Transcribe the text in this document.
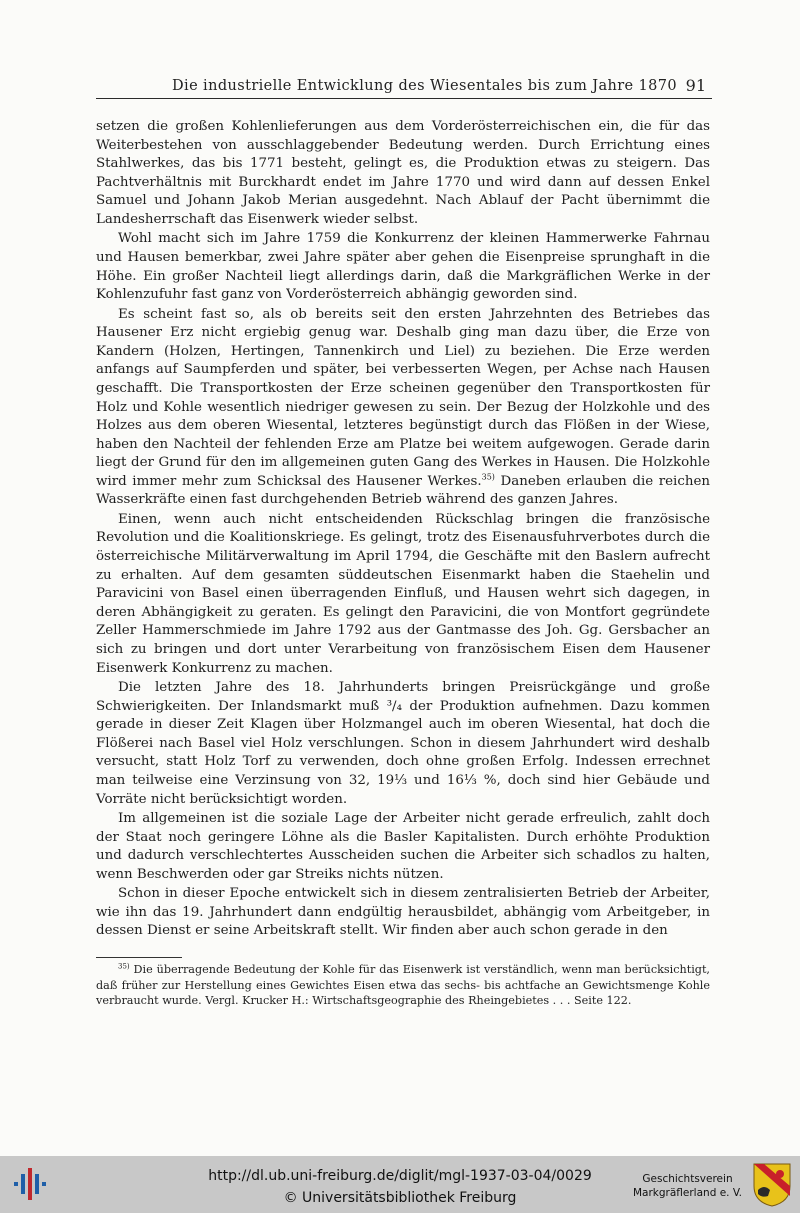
Die industrielle Entwicklung des Wiesentales bis zum Jahre 1870 91

setzen die großen Kohlenlieferungen aus dem Vorderösterreichischen ein, die für das Weiterbestehen von ausschlaggebender Bedeutung werden. Durch Errichtung eines Stahlwerkes, das bis 1771 besteht, gelingt es, die Produktion etwas zu steigern. Das Pachtverhältnis mit Burckhardt endet im Jahre 1770 und wird dann auf dessen Enkel Samuel und Johann Jakob Merian ausgedehnt. Nach Ablauf der Pacht übernimmt die Landesherrschaft das Eisenwerk wieder selbst.

Wohl macht sich im Jahre 1759 die Konkurrenz der kleinen Hammerwerke Fahrnau und Hausen bemerkbar, zwei Jahre später aber gehen die Eisenpreise sprunghaft in die Höhe. Ein großer Nachteil liegt allerdings darin, daß die Markgräflichen Werke in der Kohlenzufuhr fast ganz von Vorderösterreich abhängig geworden sind.

Es scheint fast so, als ob bereits seit den ersten Jahrzehnten des Betriebes das Hausener Erz nicht ergiebig genug war. Deshalb ging man dazu über, die Erze von Kandern (Holzen, Hertingen, Tannenkirch und Liel) zu beziehen. Die Erze werden anfangs auf Saumpferden und später, bei verbesserten Wegen, per Achse nach Hausen geschafft. Die Transportkosten der Erze scheinen gegenüber den Transportkosten für Holz und Kohle wesentlich niedriger gewesen zu sein. Der Bezug der Holzkohle und des Holzes aus dem oberen Wiesental, letzteres begünstigt durch das Flößen in der Wiese, haben den Nachteil der fehlenden Erze am Platze bei weitem aufgewogen. Gerade darin liegt der Grund für den im allgemeinen guten Gang des Werkes in Hausen. Die Holzkohle wird immer mehr zum Schicksal des Hausener Werkes.$^{35)}$ Daneben erlauben die reichen Wasserkräfte einen fast durchgehenden Betrieb während des ganzen Jahres.

Einen, wenn auch nicht entscheidenden Rückschlag bringen die französische Revolution und die Koalitionskriege. Es gelingt, trotz des Eisenausfuhrverbotes durch die österreichische Militärverwaltung im April 1794, die Geschäfte mit den Baslern aufrecht zu erhalten. Auf dem gesamten süddeutschen Eisenmarkt haben die Staehelin und Paravicini von Basel einen überragenden Einfluß, und Hausen wehrt sich dagegen, in deren Abhängigkeit zu geraten. Es gelingt den Paravicini, die von Montfort gegründete Zeller Hammerschmiede im Jahre 1792 aus der Gantmasse des Joh. Gg. Gersbacher an sich zu bringen und dort unter Verarbeitung von französischem Eisen dem Hausener Eisenwerk Konkurrenz zu machen.

Die letzten Jahre des 18. Jahrhunderts bringen Preisrückgänge und große Schwierigkeiten. Der Inlandsmarkt muß ³/₄ der Produktion aufnehmen. Dazu kommen gerade in dieser Zeit Klagen über Holzmangel auch im oberen Wiesental, hat doch die Flößerei nach Basel viel Holz verschlungen. Schon in diesem Jahrhundert wird deshalb versucht, statt Holz Torf zu verwenden, doch ohne großen Erfolg. Indessen errechnet man teilweise eine Verzinsung von 32, 19⅓ und 16⅓ %, doch sind hier Gebäude und Vorräte nicht berücksichtigt worden.

Im allgemeinen ist die soziale Lage der Arbeiter nicht gerade erfreulich, zahlt doch der Staat noch geringere Löhne als die Basler Kapitalisten. Durch erhöhte Produktion und dadurch verschlechtertes Ausscheiden suchen die Arbeiter sich schadlos zu halten, wenn Beschwerden oder gar Streiks nichts nützen.

Schon in dieser Epoche entwickelt sich in diesem zentralisierten Betrieb der Arbeiter, wie ihn das 19. Jahrhundert dann endgültig herausbildet, abhängig vom Arbeitgeber, in dessen Dienst er seine Arbeitskraft stellt. Wir finden aber auch schon gerade in den

$^{35)}$ Die überragende Bedeutung der Kohle für das Eisenwerk ist verständlich, wenn man berücksichtigt, daß früher zur Herstellung eines Gewichtes Eisen etwa das sechs- bis achtfache an Gewichtsmenge Kohle verbraucht wurde. Vergl. Krucker H.: Wirtschaftsgeographie des Rheingebietes . . . Seite 122.

http://dl.ub.uni-freiburg.de/diglit/mgl-1937-03-04/0029
© Universitätsbibliothek Freiburg
Geschichtsverein
Markgräflerland e. V.
